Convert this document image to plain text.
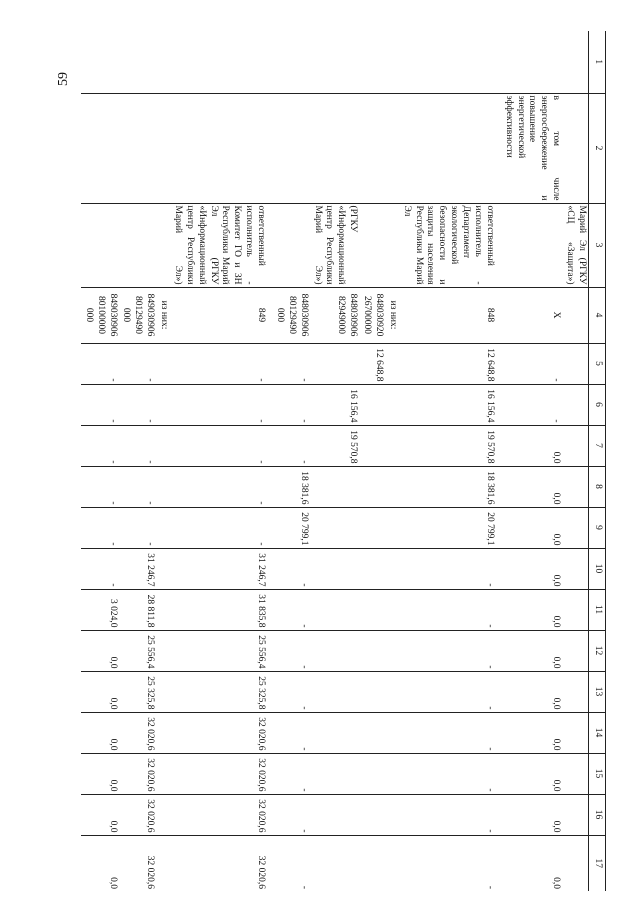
59
1	2	3	4	5	6	7	8	9	10	11	12	13	14	15	16	17
		Марий Эл (РГКУ «СЦ «Защита»)														
	в том числе энергосбережение и повышение энергетической эффективности		Х	-	-	0,0	0,0	0,0	0,0	0,0	0,0	0,0	0,0	0,0	0,0	0,0
		ответственный исполнитель - Департамент экологической безопасности и защиты населения Республики Марий Эл	848	12 648,8	16 156,4	19 570,8	18 381,6	20 799,1	-	-	-	-	-	-	-	-
			из них:													
			848030920 26700000	12 648,8												
		(РГКУ «Информационный центр Республики Марий Эл»)	848030906 82949000		16 156,4	19 570,8										
			848030906 80129490 000	-	-	-	18 381,6	20 799,1	-	-	-	-	-	-	-	-
		ответственный исполнитель - Комитет ГО и ЗН Республики Марий Эл (РГКУ «Информационный центр Республики Марий Эл»)	849	-	-	-	-	-	31 246,7	31 835,8	25 556,4	25 325,8	32 020,6	32 020,6	32 020,6	32 020,6
			из них:													
			849030906 80129490 000	-	-	-	-	-	31 246,7	28 811,8	25 556,4	25 325,8	32 020,6	32 020,6	32 020,6	32 020,6
			849030906 80100000 000	-	-	-	-	-	-	3 024,0	0,0	0,0	0,0	0,0	0,0	0,0
